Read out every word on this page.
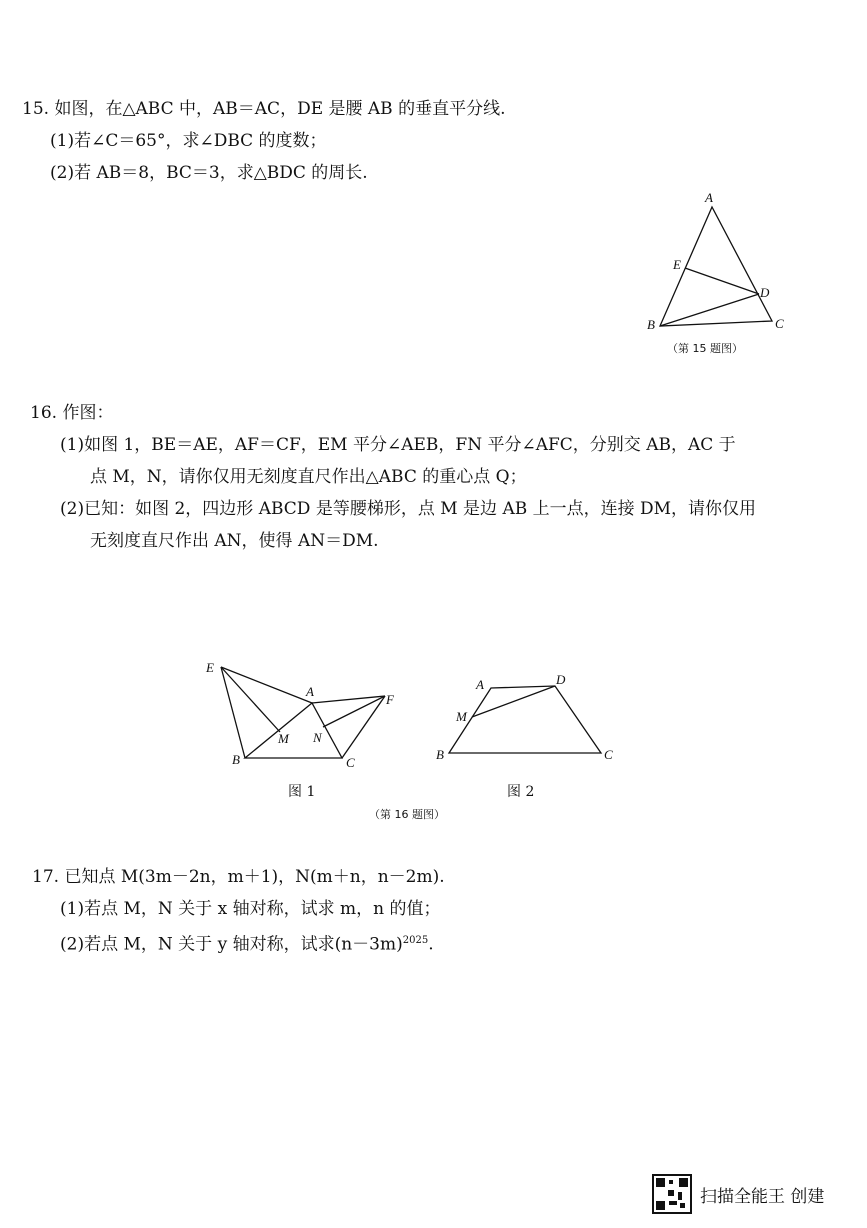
15. 如图，在△ABC 中，AB＝AC，DE 是腰 AB 的垂直平分线.
(1)若∠C＝65°，求∠DBC 的度数；
(2)若 AB＝8，BC＝3，求△BDC 的周长.
A
E
D
B	C
（第 15 题图）
16. 作图：
(1)如图 1，BE＝AE，AF＝CF，EM 平分∠AEB，FN 平分∠AFC，分别交 AB，AC 于
点 M，N，请你仅用无刻度直尺作出△ABC 的重心点 Q；
(2)已知：如图 2，四边形 ABCD 是等腰梯形，点 M 是边 AB 上一点，连接 DM，请你仅用
无刻度直尺作出 AN，使得 AN＝DM.
E
A
F
M N
B	C
图 1
A	D
M
B	C
图 2
（第 16 题图）
17. 已知点 M(3m－2n，m＋1)，N(m＋n，n－2m).
(1)若点 M，N 关于 x 轴对称，试求 m，n 的值；
(2)若点 M，N 关于 y 轴对称，试求$(n-3m)^{2025}$.
扫描全能王 创建
